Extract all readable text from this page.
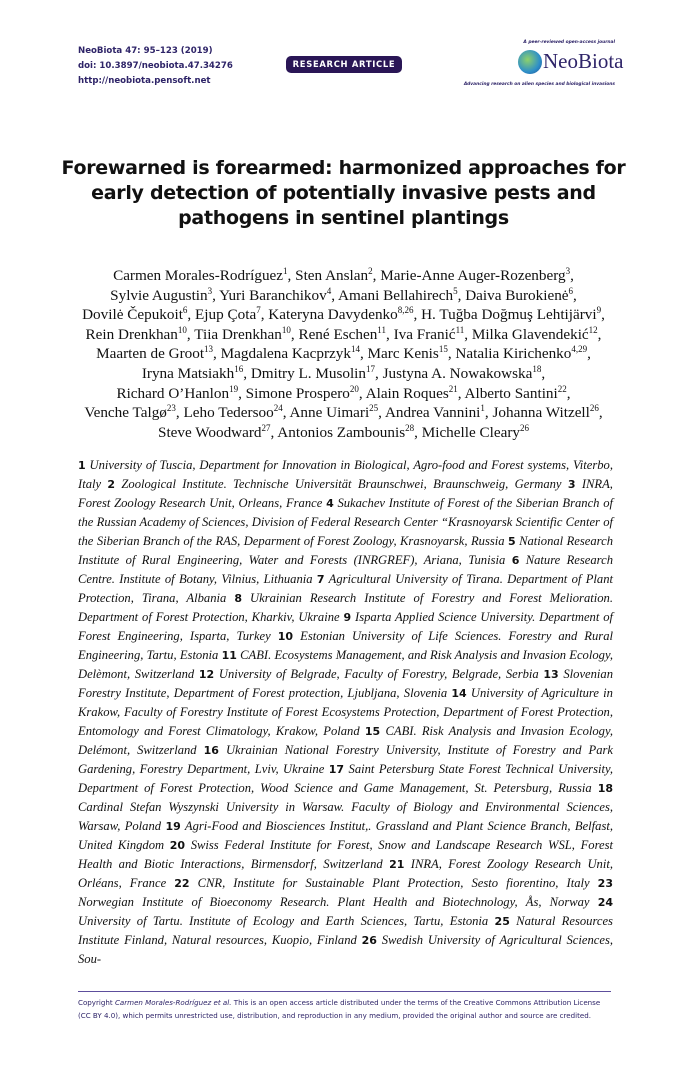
NeoBiota 47: 95–123 (2019)
doi: 10.3897/neobiota.47.34276
http://neobiota.pensoft.net
RESEARCH ARTICLE
A peer-reviewed open-access journal
NeoBiota
Advancing research on alien species and biological invasions
Forewarned is forearmed: harmonized approaches for early detection of potentially invasive pests and pathogens in sentinel plantings
Carmen Morales-Rodríguez$^1$, Sten Anslan$^2$, Marie-Anne Auger-Rozenberg$^3$,
Sylvie Augustin$^3$, Yuri Baranchikov$^4$, Amani Bellahirech$^5$, Daiva Burokienė$^6$,
Dovilė Čepukoit$^6$, Ejup Çota$^7$, Kateryna Davydenko$^{8,26}$, H. Tuğba Doğmuş Lehtijärvi$^9$,
Rein Drenkhan$^{10}$, Tiia Drenkhan$^{10}$, René Eschen$^{11}$, Iva Franić$^{11}$, Milka Glavendekić$^{12}$,
Maarten de Groot$^{13}$, Magdalena Kacprzyk$^{14}$, Marc Kenis$^{15}$, Natalia Kirichenko$^{4,29}$,
Iryna Matsiakh$^{16}$, Dmitry L. Musolin$^{17}$, Justyna A. Nowakowska$^{18}$,
Richard O’Hanlon$^{19}$, Simone Prospero$^{20}$, Alain Roques$^{21}$, Alberto Santini$^{22}$,
Venche Talgø$^{23}$, Leho Tedersoo$^{24}$, Anne Uimari$^{25}$, Andrea Vannini$^1$, Johanna Witzell$^{26}$,
Steve Woodward$^{27}$, Antonios Zambounis$^{28}$, Michelle Cleary$^{26}$
1 University of Tuscia, Department for Innovation in Biological, Agro-food and Forest systems, Viterbo, Italy 2 Zoological Institute. Technische Universität Braunschwei, Braunschweig, Germany 3 INRA, Forest Zoology Research Unit, Orleans, France 4 Sukachev Institute of Forest of the Siberian Branch of the Russian Academy of Sciences, Division of Federal Research Center “Krasnoyarsk Scientific Center of the Siberian Branch of the RAS, Deparment of Forest Zoology, Krasnoyarsk, Russia 5 National Research Institute of Rural Engineering, Water and Forests (INRGREF), Ariana, Tunisia 6 Nature Research Centre. Institute of Botany, Vilnius, Lithuania 7 Agricultural University of Tirana. Department of Plant Protection, Tirana, Albania 8 Ukrainian Research Institute of Forestry and Forest Melioration. Department of Forest Protection, Kharkiv, Ukraine 9 Isparta Applied Science University. Department of Forest Engineering, Isparta, Turkey 10 Estonian University of Life Sciences. Forestry and Rural Engineering, Tartu, Estonia 11 CABI. Ecosystems Management, and Risk Analysis and Invasion Ecology, Delèmont, Switzerland 12 University of Belgrade, Faculty of Forestry, Belgrade, Serbia 13 Slovenian Forestry Institute, Department of Forest protection, Ljubljana, Slovenia 14 University of Agriculture in Krakow, Faculty of Forestry Institute of Forest Ecosystems Protection, Department of Forest Protection, Entomology and Forest Climatology, Krakow, Poland 15 CABI. Risk Analysis and Invasion Ecology, Delémont, Switzerland 16 Ukrainian National Forestry University, Institute of Forestry and Park Gardening, Forestry Department, Lviv, Ukraine 17 Saint Petersburg State Forest Technical University, Department of Forest Protection, Wood Science and Game Management, St. Petersburg, Russia 18 Cardinal Stefan Wyszynski University in Warsaw. Faculty of Biology and Environmental Sciences, Warsaw, Poland 19 Agri-Food and Biosciences Institut,. Grassland and Plant Science Branch, Belfast, United Kingdom 20 Swiss Federal Institute for Forest, Snow and Landscape Research WSL, Forest Health and Biotic Interactions, Birmensdorf, Switzerland 21 INRA, Forest Zoology Research Unit, Orléans, France 22 CNR, Institute for Sustainable Plant Protection, Sesto fiorentino, Italy 23 Norwegian Institute of Bioeconomy Research. Plant Health and Biotechnology, Ås, Norway 24 University of Tartu. Institute of Ecology and Earth Sciences, Tartu, Estonia 25 Natural Resources Institute Finland, Natural resources, Kuopio, Finland 26 Swedish University of Agricultural Sciences, Sou-
Copyright Carmen Morales-Rodríguez et al. This is an open access article distributed under the terms of the Creative Commons Attribution License (CC BY 4.0), which permits unrestricted use, distribution, and reproduction in any medium, provided the original author and source are credited.
